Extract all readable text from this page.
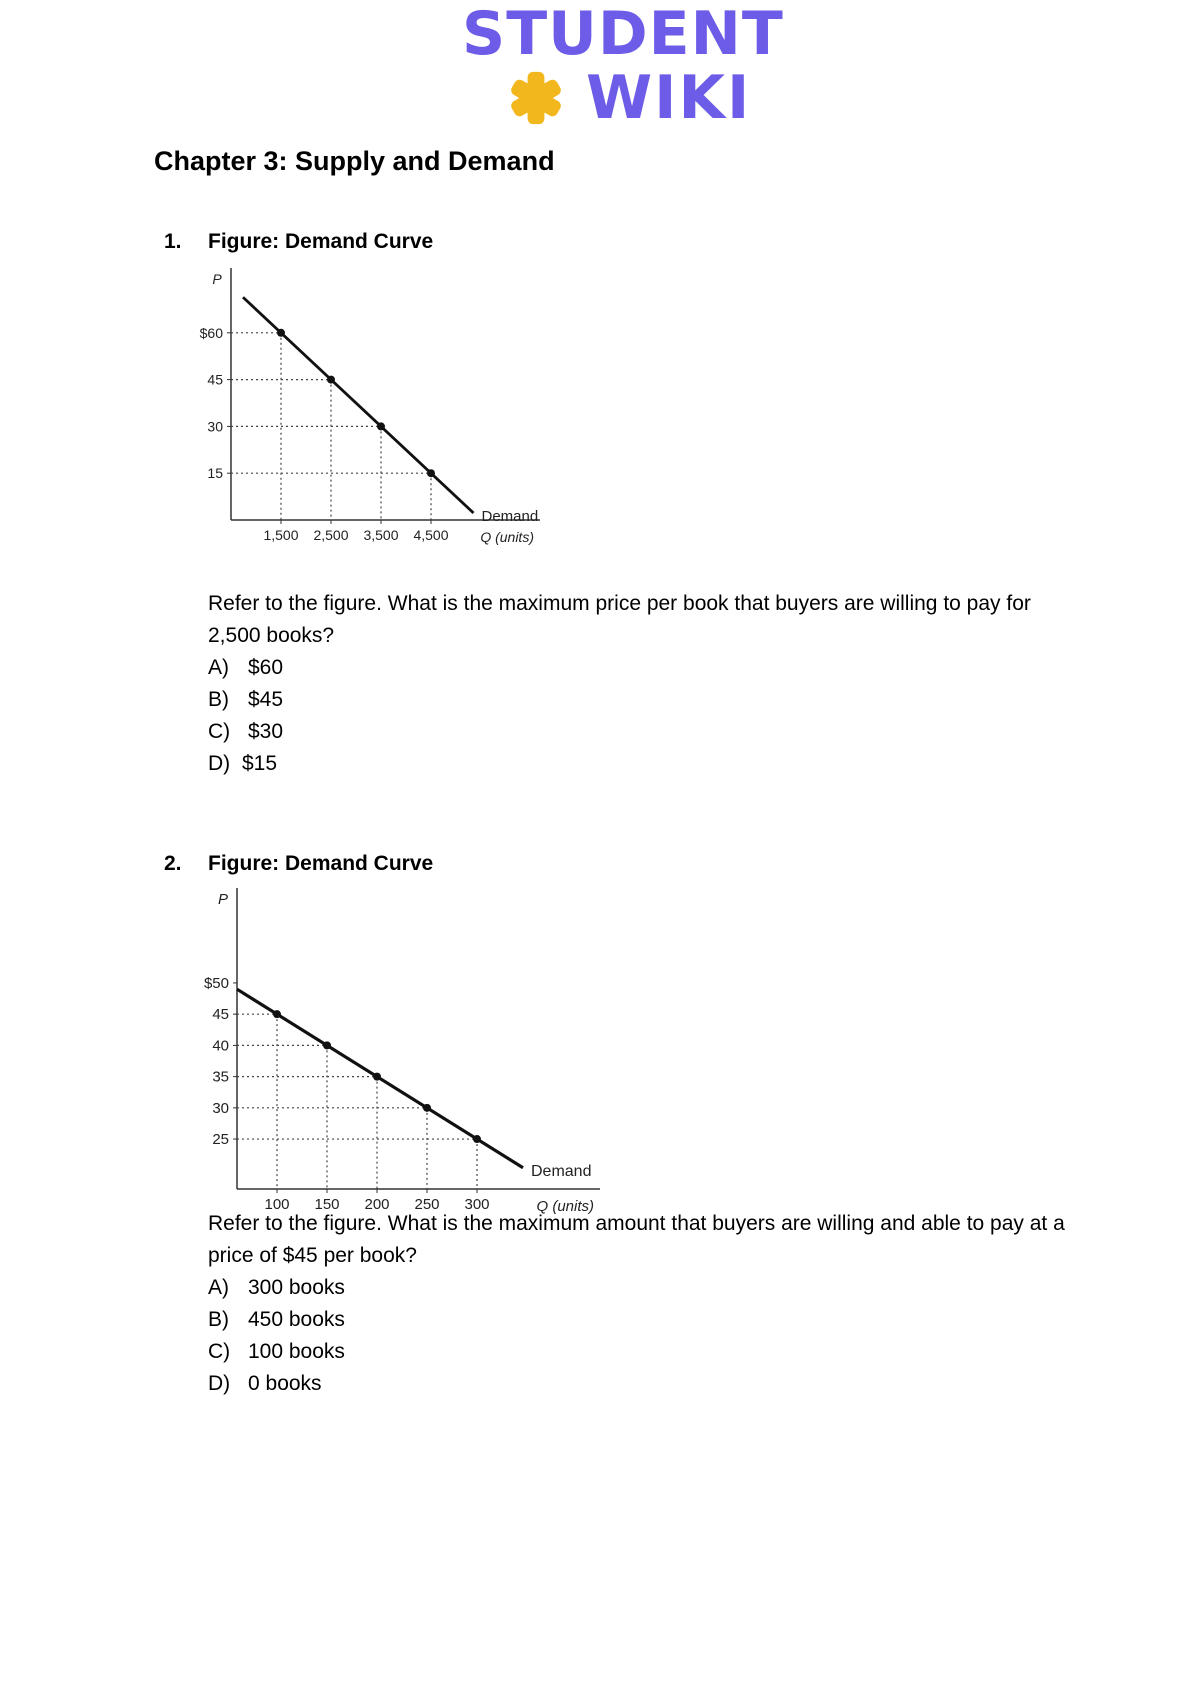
STUDENT
WIKI
Chapter 3: Supply and Demand
1. Figure: Demand Curve
P
Q (units)
$60
45
30
15
1,500 2,500 3,500 4,500
Demand
Refer to the figure. What is the maximum price per book that buyers are willing to pay for 2,500 books?
A) $60
B) $45
C) $30
D) $15
2. Figure: Demand Curve
P
Q (units)
$50
45
40
35
30
25
100 150 200 250 300
Demand
Refer to the figure. What is the maximum amount that buyers are willing and able to pay at a price of $45 per book?
A) 300 books
B) 450 books
C) 100 books
D) 0 books
